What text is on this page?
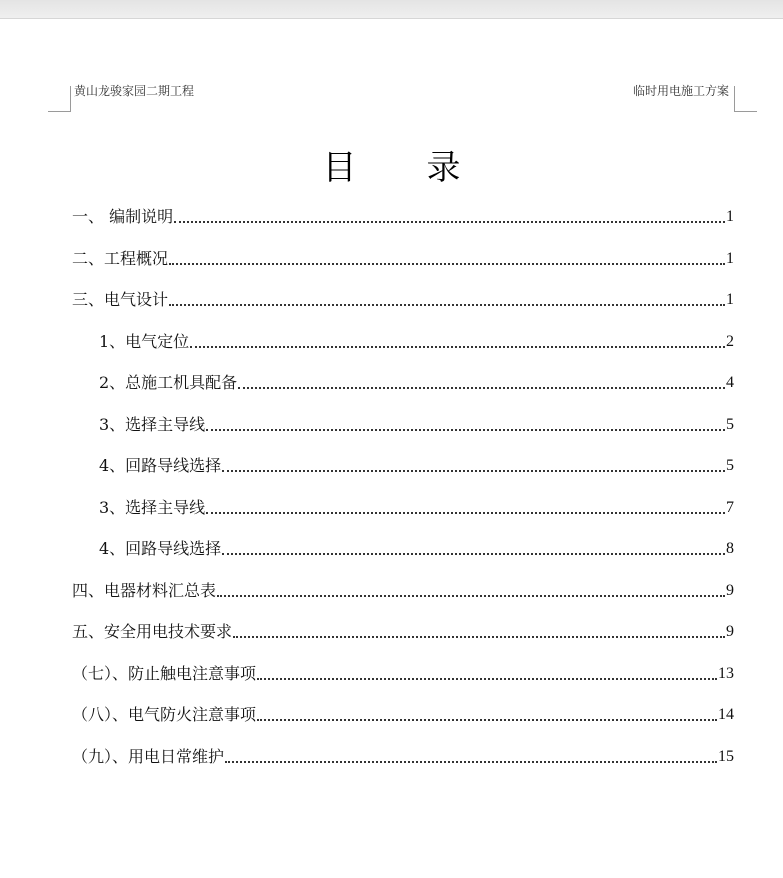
黄山龙骏家园二期工程	临时用电施工方案
目 录
一、 编制说明	1
二、工程概况	1
三、电气设计	1
1、电气定位	2
2、总施工机具配备	4
3、选择主导线	5
4、回路导线选择	5
3、选择主导线	7
4、回路导线选择	8
四、电器材料汇总表	9
五、安全用电技术要求	9
（七）、防止触电注意事项	13
（八）、电气防火注意事项	14
（九）、用电日常维护	15
